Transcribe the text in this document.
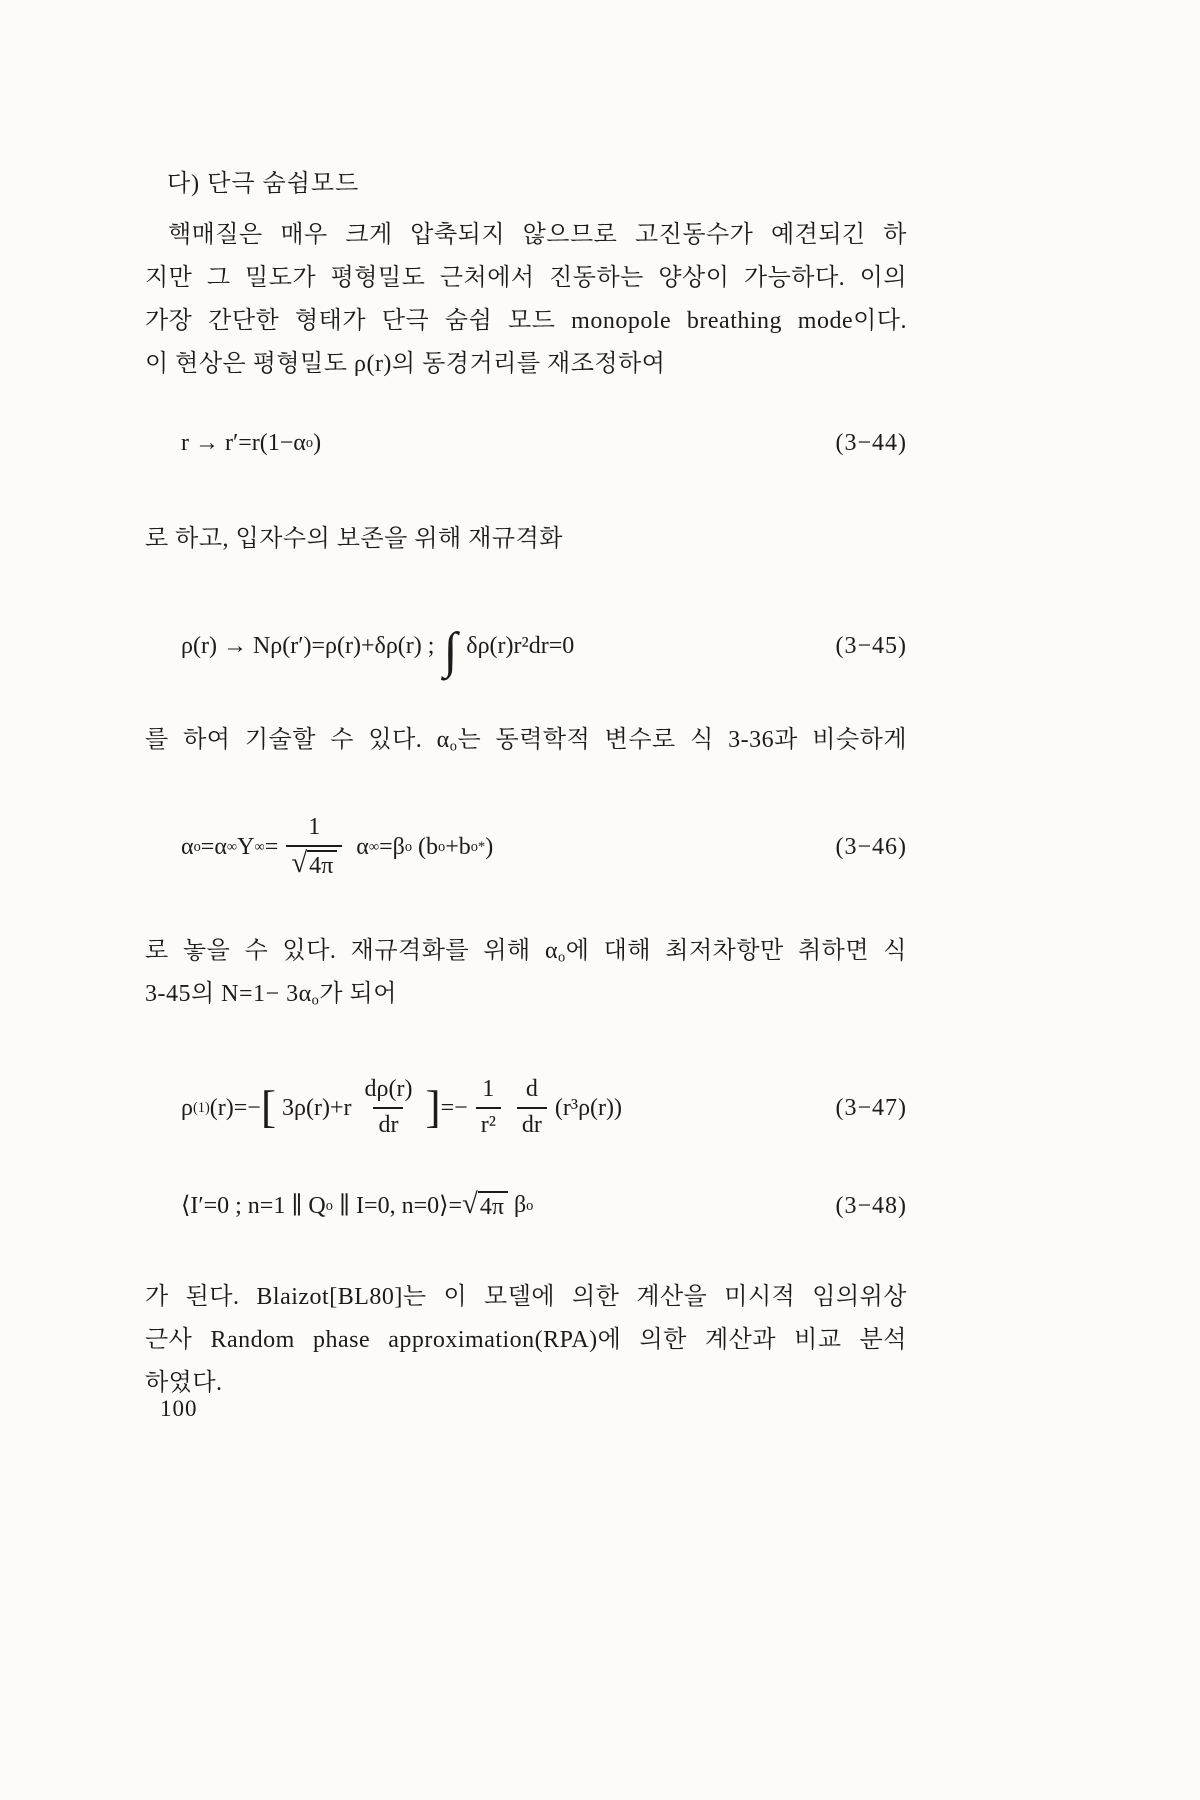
다) 단극 숨쉼모드
핵매질은 매우 크게 압축되지 않으므로 고진동수가 예견되긴 하
지만 그 밀도가 평형밀도 근처에서 진동하는 양상이 가능하다. 이의
가장 간단한 형태가 단극 숨쉼 모드 monopole breathing mode이다.
이 현상은 평형밀도 ρ(r)의 동경거리를 재조정하여
r → r′=r(1−α o )	(3−44)
로 하고, 입자수의 보존을 위해 재규격화
ρ(r) → Nρ(r′)=ρ(r)+δρ(r) ; ∫ δρ(r)r²dr=0	(3−45)
를 하여 기술할 수 있다. $\alpha_o$는 동력학적 변수로 식 3-36과 비슷하게
α o =α ∞ Y ∞ = $\frac{1}{√ 4\pi}$ α ∞ =β o (b o +b o * )	(3−46)
로 놓을 수 있다. 재규격화를 위해 $\alpha_o$에 대해 최저차항만 취하면 식
3-45의 $N=1- 3\alpha_o$가 되어
ρ (1) (r)=− [ $3\rho(r)+r \frac{d\rho(r)}{dr}$ ] =− $\frac{1}{\text{r²}} \frac{d}{dr} (r^3\rho(r))$	(3−47)
⟨I′=0 ; n=1 ∥ Q o ∥ I=0, n=0⟩= √ 4π β o	(3−48)
가 된다. Blaizot[BL80]는 이 모델에 의한 계산을 미시적 임의위상
근사 Random phase approximation(RPA)에 의한 계산과 비교 분석
하였다.
100
